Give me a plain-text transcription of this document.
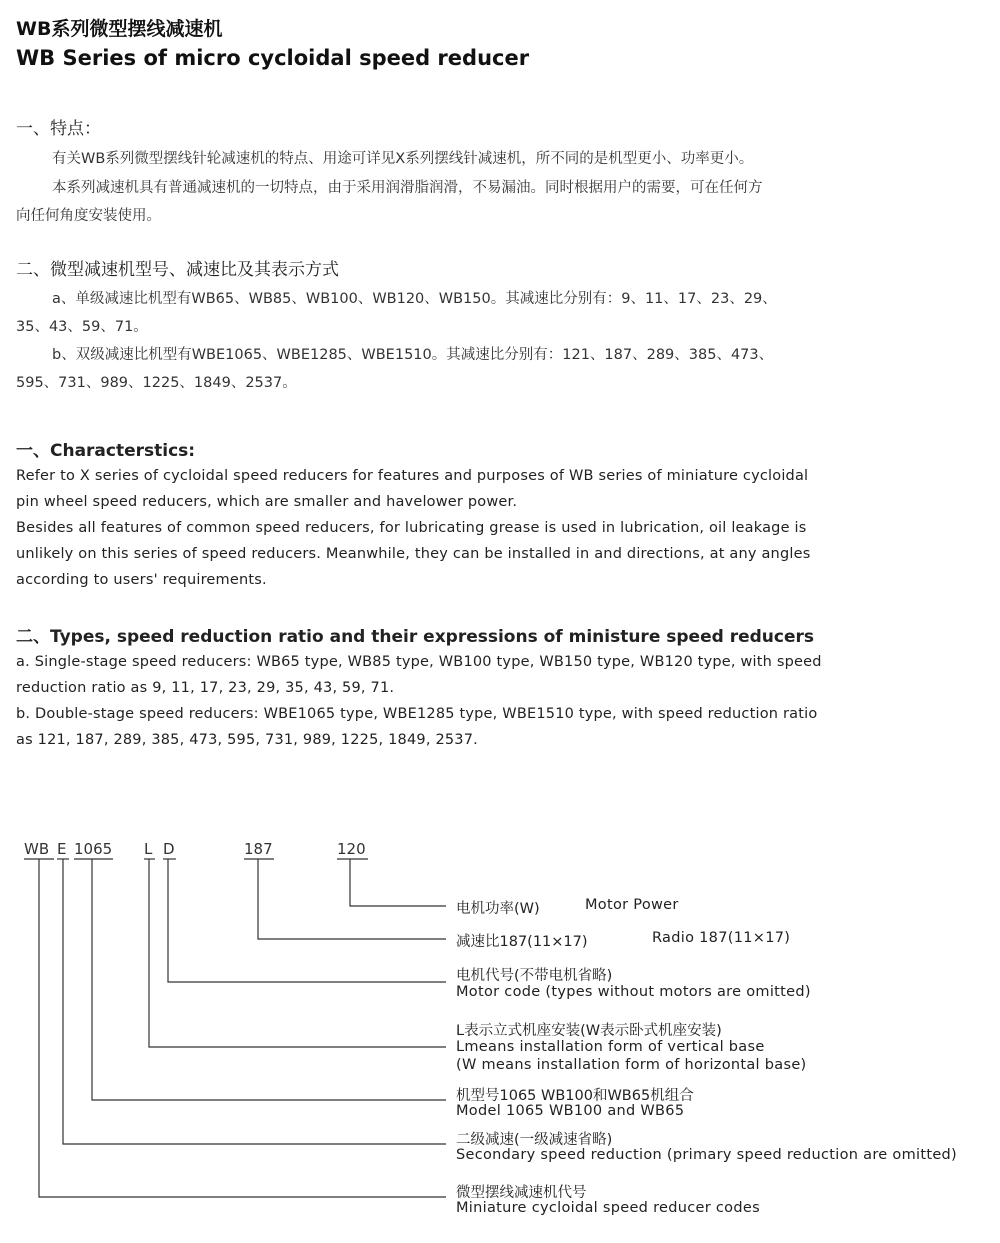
WB系列微型摆线减速机
WB Series of micro cycloidal speed reducer
一、特点：
有关WB系列微型摆线针轮减速机的特点、用途可详见X系列摆线针减速机，所不同的是机型更小、功率更小。
本系列减速机具有普通减速机的一切特点，由于采用润滑脂润滑，不易漏油。同时根据用户的需要，可在任何方
向任何角度安装使用。
二、微型减速机型号、减速比及其表示方式
a、单级减速比机型有WB65、WB85、WB100、WB120、WB150。其减速比分别有：9、11、17、23、29、
35、43、59、71。
b、双级减速比机型有WBE1065、WBE1285、WBE1510。其减速比分别有：121、187、289、385、473、
595、731、989、1225、1849、2537。
一、Characterstics:
Refer to X series of cycloidal speed reducers for features and purposes of WB series of miniature cycloidal
pin wheel speed reducers, which are smaller and havelower power.
Besides all features of common speed reducers, for lubricating grease is used in lubrication, oil leakage is
unlikely on this series of speed reducers. Meanwhile, they can be installed in and directions, at any angles
according to users' requirements.
二、Types, speed reduction ratio and their expressions of ministure speed reducers
a. Single-stage speed reducers: WB65 type, WB85 type, WB100 type, WB150 type, WB120 type, with speed
reduction ratio as 9, 11, 17, 23, 29, 35, 43, 59, 71.
b. Double-stage speed reducers: WBE1065 type, WBE1285 type, WBE1510 type, with speed reduction ratio
as 121, 187, 289, 385, 473, 595, 731, 989, 1225, 1849, 2537.
WB E 1065 L D	187	120
电机功率(W)	Motor Power
减速比187(11×17)	Radio 187(11×17)
电机代号(不带电机省略)
Motor code (types without motors are omitted)
L表示立式机座安装(W表示卧式机座安装)
Lmeans installation form of vertical base
(W means installation form of horizontal base)
机型号1065 WB100和WB65机组合
Model 1065 WB100 and WB65
二级减速(一级减速省略)
Secondary speed reduction (primary speed reduction are omitted)
微型摆线减速机代号
Miniature cycloidal speed reducer codes
